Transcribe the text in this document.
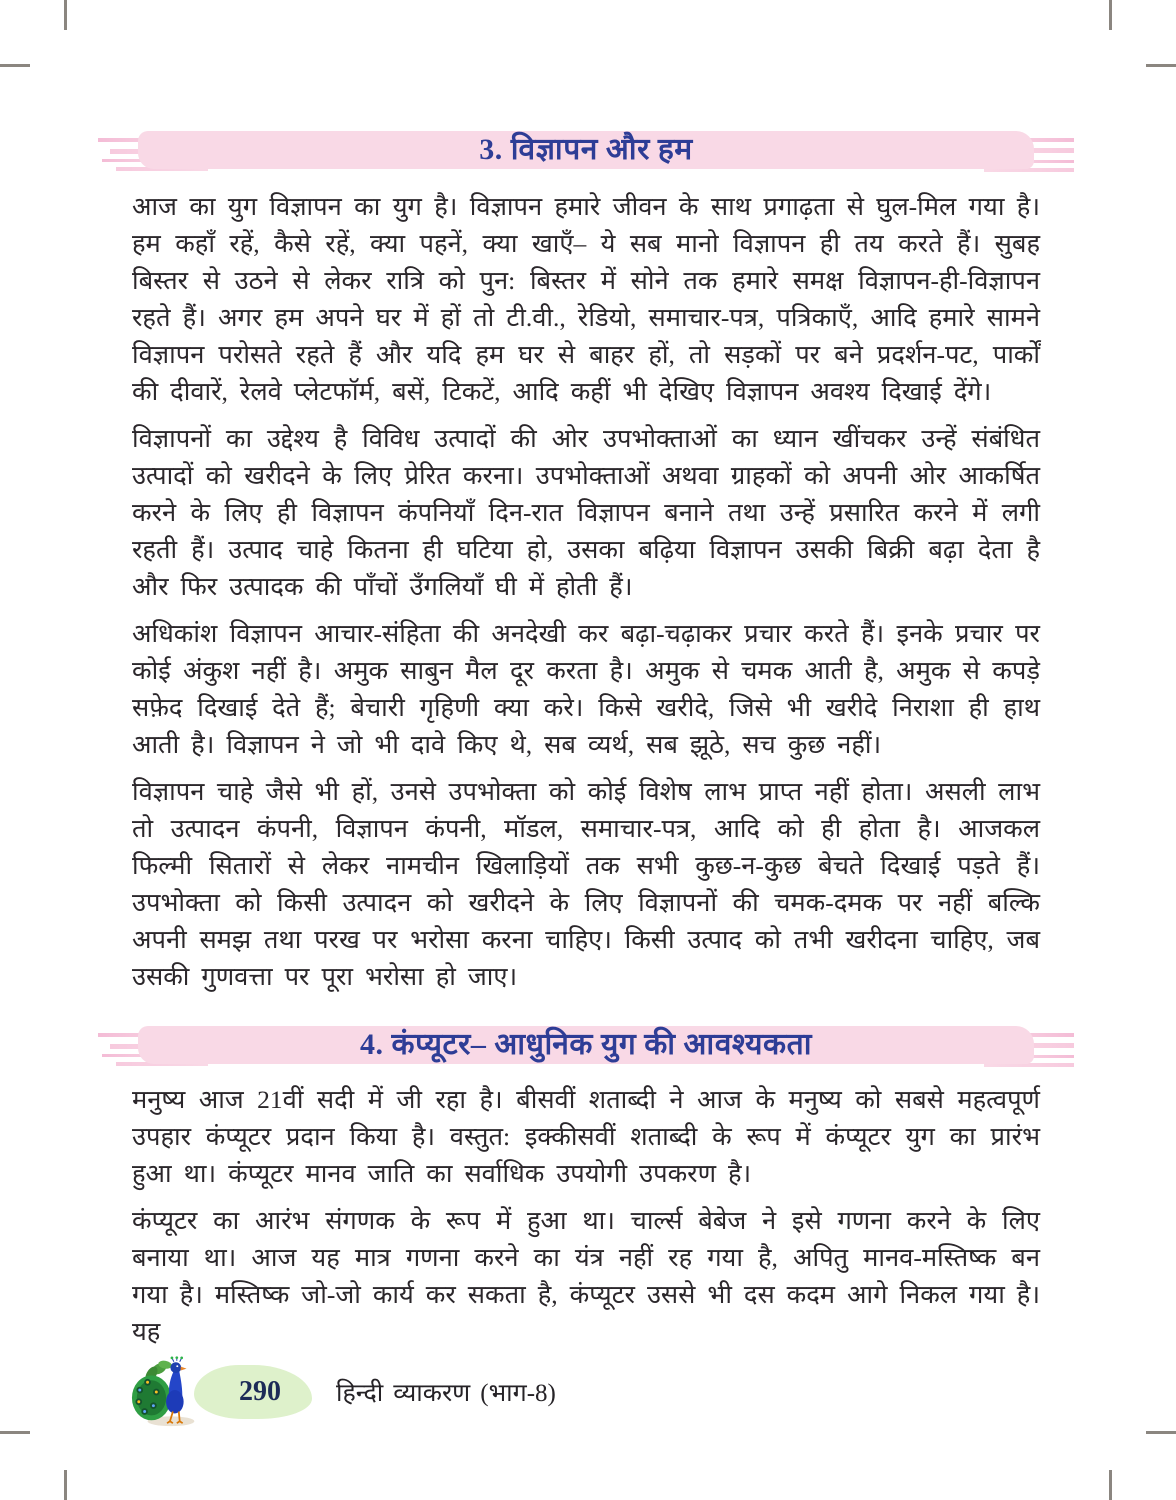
3. विज्ञापन और हम

आज का युग विज्ञापन का युग है। विज्ञापन हमारे जीवन के साथ प्रगाढ़ता से घुल-मिल गया है। हम कहाँ रहें, कैसे रहें, क्या पहनें, क्या खाएँ– ये सब मानो विज्ञापन ही तय करते हैं। सुबह बिस्तर से उठने से लेकर रात्रि को पुन: बिस्तर में सोने तक हमारे समक्ष विज्ञापन-ही-विज्ञापन रहते हैं। अगर हम अपने घर में हों तो टी.वी., रेडियो, समाचार-पत्र, पत्रिकाएँ, आदि हमारे सामने विज्ञापन परोसते रहते हैं और यदि हम घर से बाहर हों, तो सड़कों पर बने प्रदर्शन-पट, पार्कों की दीवारें, रेलवे प्लेटफॉर्म, बसें, टिकटें, आदि कहीं भी देखिए विज्ञापन अवश्य दिखाई देंगे।

विज्ञापनों का उद्देश्य है विविध उत्पादों की ओर उपभोक्ताओं का ध्यान खींचकर उन्हें संबंधित उत्पादों को खरीदने के लिए प्रेरित करना। उपभोक्ताओं अथवा ग्राहकों को अपनी ओर आकर्षित करने के लिए ही विज्ञापन कंपनियाँ दिन-रात विज्ञापन बनाने तथा उन्हें प्रसारित करने में लगी रहती हैं। उत्पाद चाहे कितना ही घटिया हो, उसका बढ़िया विज्ञापन उसकी बिक्री बढ़ा देता है और फिर उत्पादक की पाँचों उँगलियाँ घी में होती हैं।

अधिकांश विज्ञापन आचार-संहिता की अनदेखी कर बढ़ा-चढ़ाकर प्रचार करते हैं। इनके प्रचार पर कोई अंकुश नहीं है। अमुक साबुन मैल दूर करता है। अमुक से चमक आती है, अमुक से कपड़े सफ़ेद दिखाई देते हैं; बेचारी गृहिणी क्या करे। किसे खरीदे, जिसे भी खरीदे निराशा ही हाथ आती है। विज्ञापन ने जो भी दावे किए थे, सब व्यर्थ, सब झूठे, सच कुछ नहीं।

विज्ञापन चाहे जैसे भी हों, उनसे उपभोक्ता को कोई विशेष लाभ प्राप्त नहीं होता। असली लाभ तो उत्पादन कंपनी, विज्ञापन कंपनी, मॉडल, समाचार-पत्र, आदि को ही होता है। आजकल फिल्मी सितारों से लेकर नामचीन खिलाड़ियों तक सभी कुछ-न-कुछ बेचते दिखाई पड़ते हैं। उपभोक्ता को किसी उत्पादन को खरीदने के लिए विज्ञापनों की चमक-दमक पर नहीं बल्कि अपनी समझ तथा परख पर भरोसा करना चाहिए। किसी उत्पाद को तभी खरीदना चाहिए, जब उसकी गुणवत्ता पर पूरा भरोसा हो जाए।

4. कंप्यूटर– आधुनिक युग की आवश्यकता

मनुष्य आज 21वीं सदी में जी रहा है। बीसवीं शताब्दी ने आज के मनुष्य को सबसे महत्वपूर्ण उपहार कंप्यूटर प्रदान किया है। वस्तुत: इक्कीसवीं शताब्दी के रूप में कंप्यूटर युग का प्रारंभ हुआ था। कंप्यूटर मानव जाति का सर्वाधिक उपयोगी उपकरण है।

कंप्यूटर का आरंभ संगणक के रूप में हुआ था। चार्ल्स बेबेज ने इसे गणना करने के लिए बनाया था। आज यह मात्र गणना करने का यंत्र नहीं रह गया है, अपितु मानव-मस्तिष्क बन गया है। मस्तिष्क जो-जो कार्य कर सकता है, कंप्यूटर उससे भी दस कदम आगे निकल गया है। यह

290 हिन्दी व्याकरण (भाग-8)
